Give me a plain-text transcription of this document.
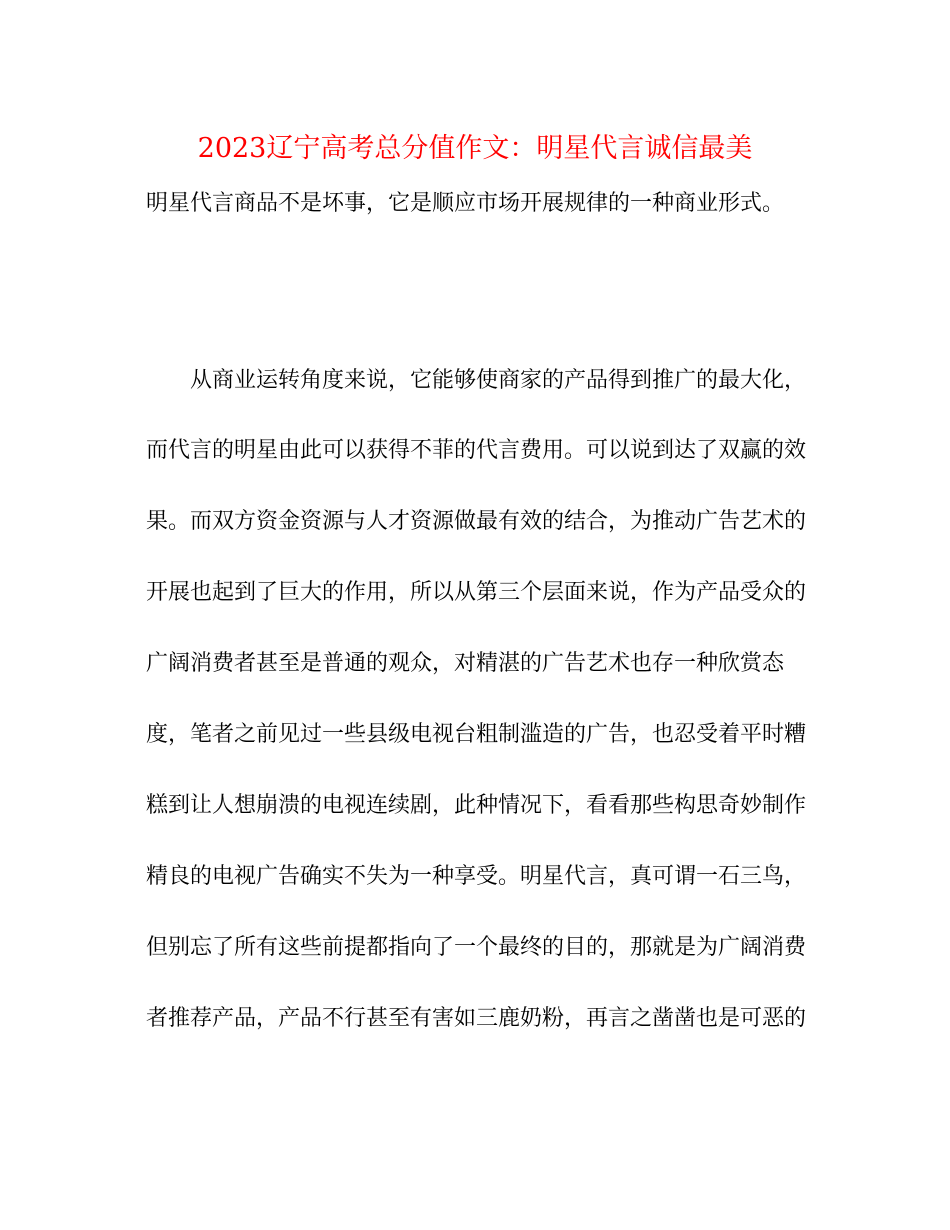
2023辽宁高考总分值作文：明星代言诚信最美
明星代言商品不是坏事，它是顺应市场开展规律的一种商业形式。
从商业运转角度来说，它能够使商家的产品得到推广的最大化，
而代言的明星由此可以获得不菲的代言费用。可以说到达了双赢的效
果。而双方资金资源与人才资源做最有效的结合，为推动广告艺术的
开展也起到了巨大的作用，所以从第三个层面来说，作为产品受众的
广阔消费者甚至是普通的观众，对精湛的广告艺术也存一种欣赏态
度，笔者之前见过一些县级电视台粗制滥造的广告，也忍受着平时糟
糕到让人想崩溃的电视连续剧，此种情况下，看看那些构思奇妙制作
精良的电视广告确实不失为一种享受。明星代言，真可谓一石三鸟，
但别忘了所有这些前提都指向了一个最终的目的，那就是为广阔消费
者推荐产品，产品不行甚至有害如三鹿奶粉，再言之凿凿也是可恶的
